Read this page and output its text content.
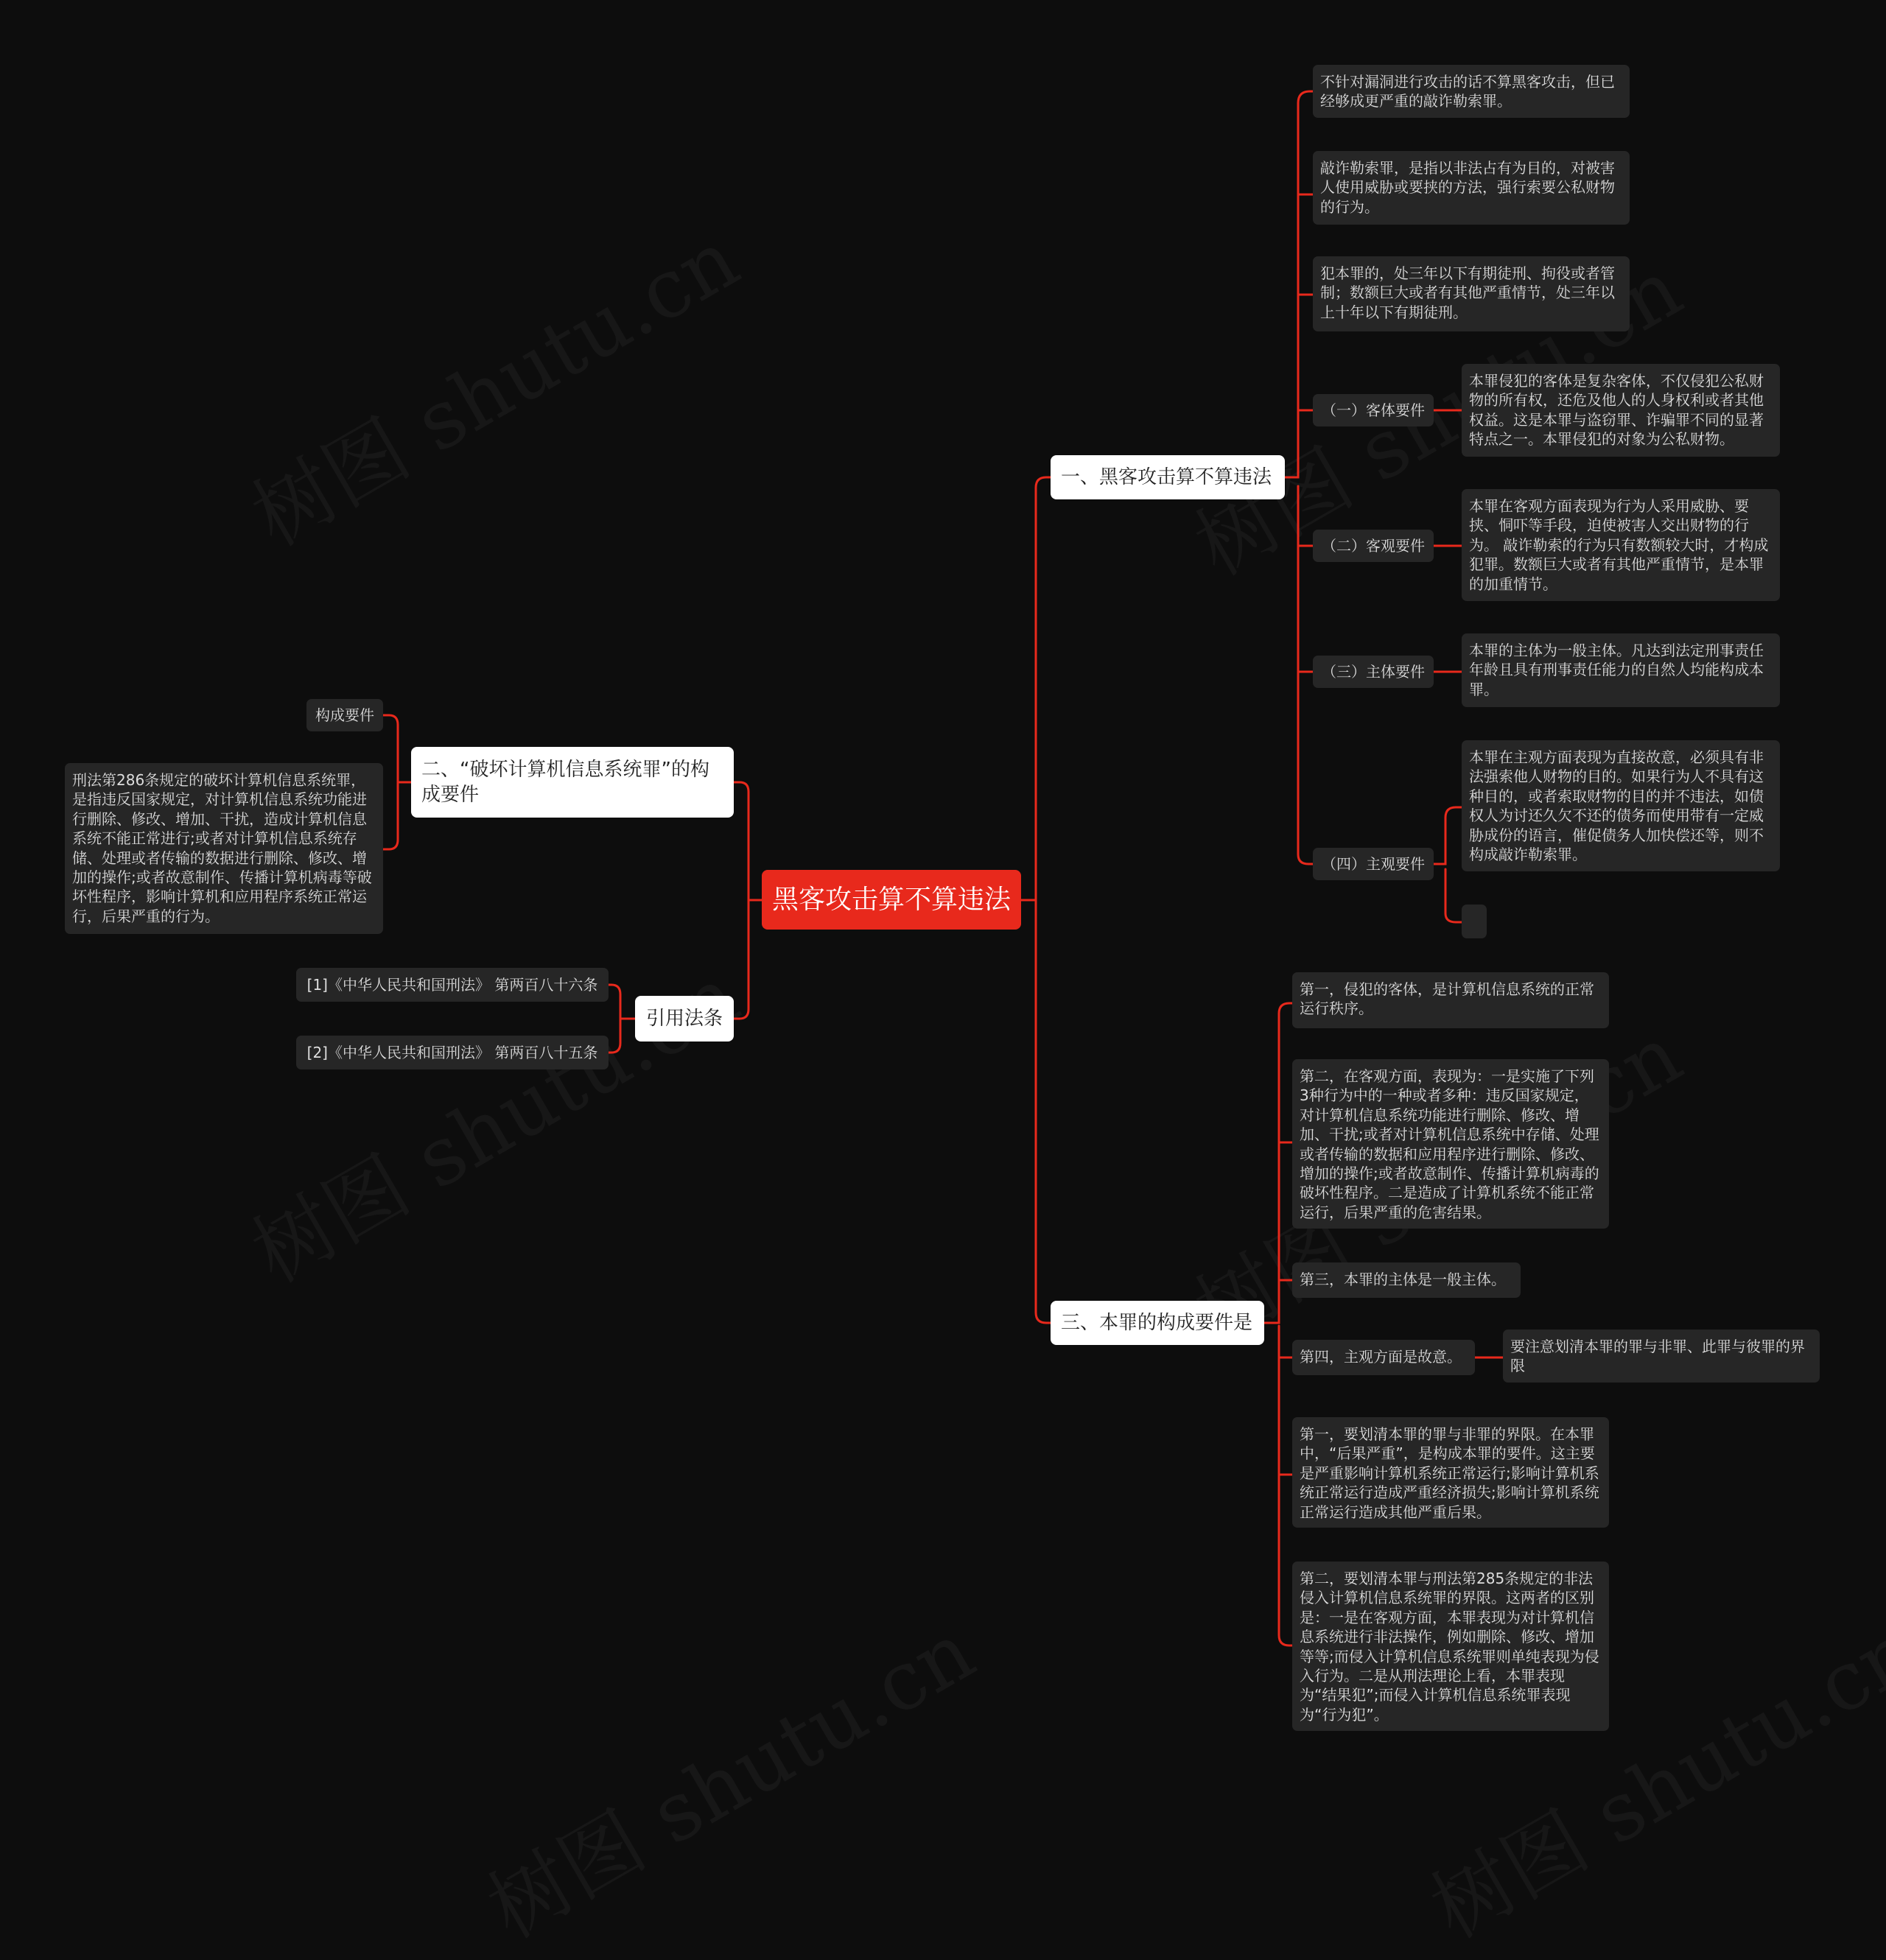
黑客攻击算不算违法
一、黑客攻击算不算违法
不针对漏洞进行攻击的话不算黑客攻击，但已经够成更严重的敲诈勒索罪。
敲诈勒索罪，是指以非法占有为目的，对被害人使用威胁或要挟的方法，强行索要公私财物的行为。
犯本罪的，处三年以下有期徒刑、拘役或者管制；数额巨大或者有其他严重情节，处三年以上十年以下有期徒刑。
（一）客体要件
本罪侵犯的客体是复杂客体，不仅侵犯公私财物的所有权，还危及他人的人身权利或者其他权益。这是本罪与盗窃罪、诈骗罪不同的显著特点之一。本罪侵犯的对象为公私财物。
（二）客观要件
本罪在客观方面表现为行为人采用威胁、要挟、恫吓等手段，迫使被害人交出财物的行为。 敲诈勒索的行为只有数额较大时，才构成犯罪。数额巨大或者有其他严重情节，是本罪的加重情节。
（三）主体要件
本罪的主体为一般主体。凡达到法定刑事责任年龄且具有刑事责任能力的自然人均能构成本罪。
（四）主观要件
本罪在主观方面表现为直接故意，必须具有非法强索他人财物的目的。如果行为人不具有这种目的，或者索取财物的目的并不违法，如债权人为讨还久欠不还的债务而使用带有一定威胁成份的语言，催促债务人加快偿还等，则不构成敲诈勒索罪。
二、“破坏计算机信息系统罪”的构成要件
构成要件
刑法第286条规定的破坏计算机信息系统罪，是指违反国家规定，对计算机信息系统功能进行删除、修改、增加、干扰，造成计算机信息系统不能正常进行;或者对计算机信息系统存储、处理或者传输的数据进行删除、修改、增加的操作;或者故意制作、传播计算机病毒等破坏性程序，影响计算机和应用程序系统正常运行，后果严重的行为。
引用法条
[1]《中华人民共和国刑法》 第两百八十六条
[2]《中华人民共和国刑法》 第两百八十五条
三、本罪的构成要件是
第一，侵犯的客体，是计算机信息系统的正常运行秩序。
第二，在客观方面，表现为：一是实施了下列3种行为中的一种或者多种：违反国家规定，对计算机信息系统功能进行删除、修改、增加、干扰;或者对计算机信息系统中存储、处理或者传输的数据和应用程序进行删除、修改、增加的操作;或者故意制作、传播计算机病毒的破坏性程序。二是造成了计算机系统不能正常运行，后果严重的危害结果。
第三，本罪的主体是一般主体。
第四，主观方面是故意。
要注意划清本罪的罪与非罪、此罪与彼罪的界限
第一，要划清本罪的罪与非罪的界限。在本罪中，“后果严重”，是构成本罪的要件。这主要是严重影响计算机系统正常运行;影响计算机系统正常运行造成严重经济损失;影响计算机系统正常运行造成其他严重后果。
第二，要划清本罪与刑法第285条规定的非法侵入计算机信息系统罪的界限。这两者的区别是：一是在客观方面，本罪表现为对计算机信息系统进行非法操作，例如删除、修改、增加等等;而侵入计算机信息系统罪则单纯表现为侵入行为。二是从刑法理论上看，本罪表现为“结果犯”;而侵入计算机信息系统罪表现为“行为犯”。
